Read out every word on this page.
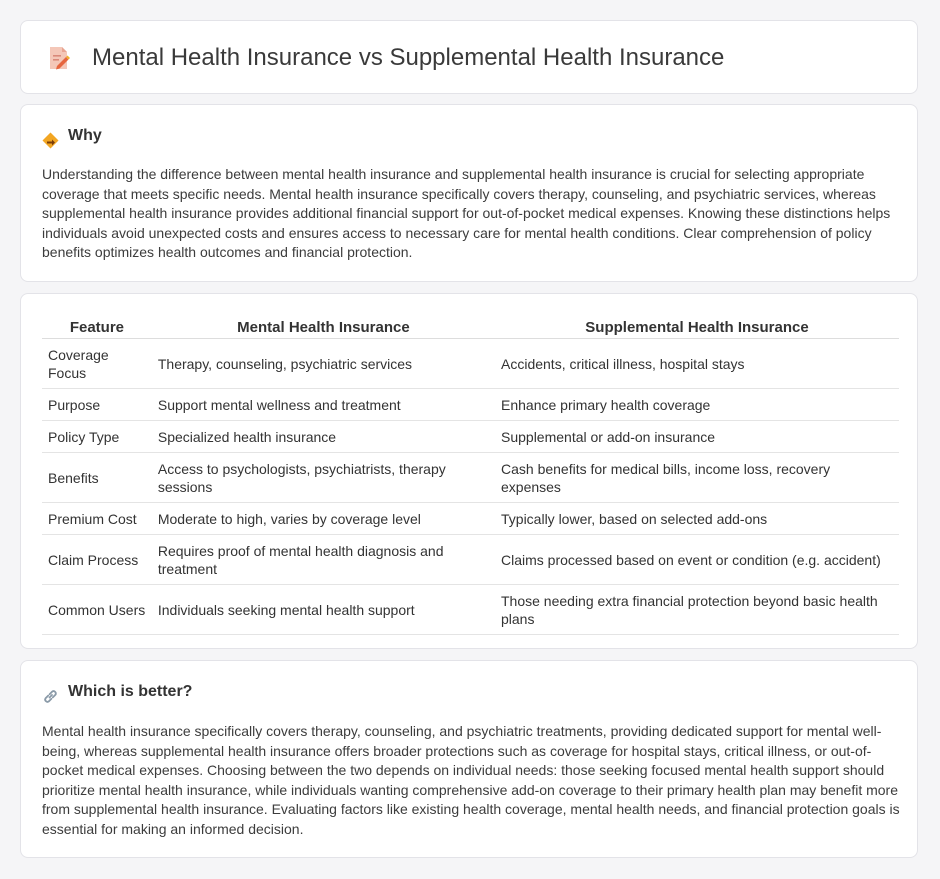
Mental Health Insurance vs Supplemental Health Insurance
Why

Understanding the difference between mental health insurance and supplemental health insurance is crucial for selecting appropriate coverage that meets specific needs. Mental health insurance specifically covers therapy, counseling, and psychiatric services, whereas supplemental health insurance provides additional financial support for out-of-pocket medical expenses. Knowing these distinctions helps individuals avoid unexpected costs and ensures access to necessary care for mental health conditions. Clear comprehension of policy benefits optimizes health outcomes and financial protection.

Feature	Mental Health Insurance	Supplemental Health Insurance
Coverage Focus	Therapy, counseling, psychiatric services	Accidents, critical illness, hospital stays
Purpose	Support mental wellness and treatment	Enhance primary health coverage
Policy Type	Specialized health insurance	Supplemental or add-on insurance
Benefits	Access to psychologists, psychiatrists, therapy sessions	Cash benefits for medical bills, income loss, recovery expenses
Premium Cost	Moderate to high, varies by coverage level	Typically lower, based on selected add-ons
Claim Process	Requires proof of mental health diagnosis and treatment	Claims processed based on event or condition (e.g. accident)
Common Users	Individuals seeking mental health support	Those needing extra financial protection beyond basic health plans
Which is better?

Mental health insurance specifically covers therapy, counseling, and psychiatric treatments, providing dedicated support for mental well-being, whereas supplemental health insurance offers broader protections such as coverage for hospital stays, critical illness, or out-of-pocket medical expenses. Choosing between the two depends on individual needs: those seeking focused mental health support should prioritize mental health insurance, while individuals wanting comprehensive add-on coverage to their primary health plan may benefit more from supplemental health insurance. Evaluating factors like existing health coverage, mental health needs, and financial protection goals is essential for making an informed decision.
